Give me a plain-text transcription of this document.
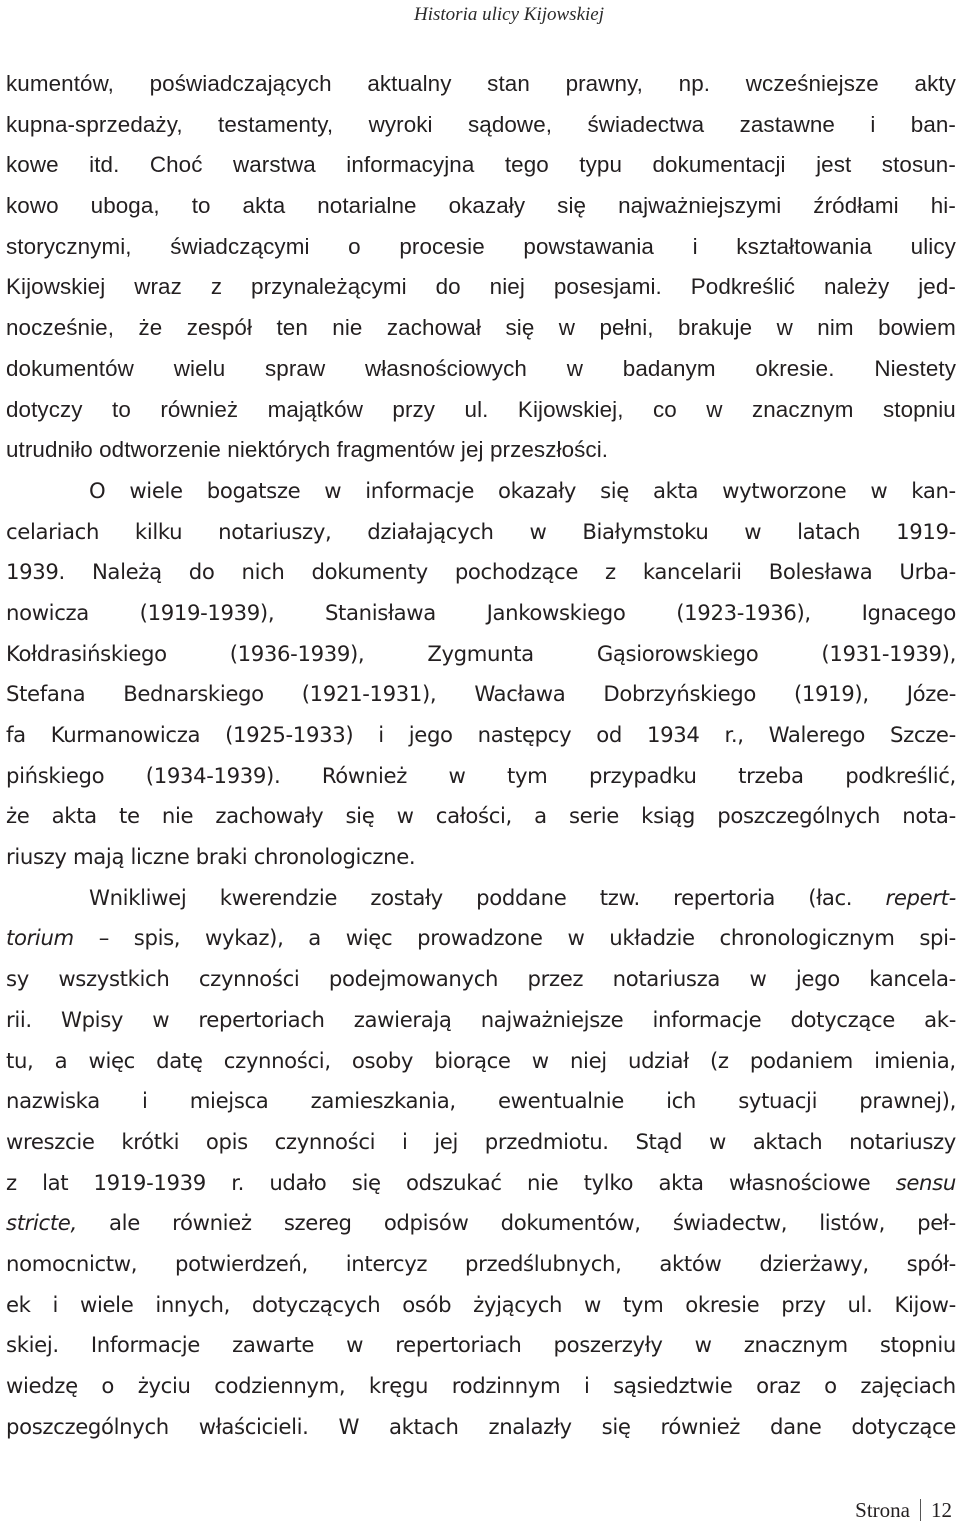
Historia ulicy Kijowskiej
kumentów, poświadczających aktualny stan prawny, np. wcześniejsze akty
kupna-sprzedaży, testamenty, wyroki sądowe, świadectwa zastawne i ban-
kowe itd. Choć warstwa informacyjna tego typu dokumentacji jest stosun-
kowo uboga, to akta notarialne okazały się najważniejszymi źródłami hi-
storycznymi, świadczącymi o procesie powstawania i kształtowania ulicy
Kijowskiej wraz z przynależącymi do niej posesjami. Podkreślić należy jed-
nocześnie, że zespół ten nie zachował się w pełni, brakuje w nim bowiem
dokumentów wielu spraw własnościowych w badanym okresie. Niestety
dotyczy to również majątków przy ul. Kijowskiej, co w znacznym stopniu
utrudniło odtworzenie niektórych fragmentów jej przeszłości.
O wiele bogatsze w informacje okazały się akta wytworzone w kan-
celariach kilku notariuszy, działających w Białymstoku w latach 1919-
1939. Należą do nich dokumenty pochodzące z kancelarii Bolesława Urba-
nowicza (1919-1939), Stanisława Jankowskiego (1923-1936), Ignacego
Kołdrasińskiego	(1936-1939),	Zygmunta	Gąsiorowskiego	(1931-1939),
Stefana Bednarskiego (1921-1931), Wacława Dobrzyńskiego (1919), Józe-
fa Kurmanowicza (1925-1933) i jego następcy od 1934 r., Walerego Szcze-
pińskiego (1934-1939). Również w tym przypadku trzeba podkreślić,
że akta te nie zachowały się w całości, a serie ksiąg poszczególnych nota-
riuszy mają liczne braki chronologiczne.
Wnikliwej kwerendzie zostały poddane tzw. repertoria (łac. repert-
torium – spis, wykaz), a więc prowadzone w układzie chronologicznym spi-
sy wszystkich czynności podejmowanych przez notariusza w jego kancela-
rii. Wpisy w repertoriach zawierają najważniejsze informacje dotyczące ak-
tu, a więc datę czynności, osoby biorące w niej udział (z podaniem imienia,
nazwiska i miejsca zamieszkania, ewentualnie ich sytuacji prawnej),
wreszcie krótki opis czynności i jej przedmiotu. Stąd w aktach notariuszy
z lat 1919-1939 r. udało się odszukać nie tylko akta własnościowe sensu
stricte, ale również szereg odpisów dokumentów, świadectw, listów, peł-
nomocnictw, potwierdzeń, intercyz przedślubnych, aktów dzierżawy, spół-
ek i wiele innych, dotyczących osób żyjących w tym okresie przy ul. Kijow-
skiej. Informacje zawarte w repertoriach poszerzyły w znacznym stopniu
wiedzę o życiu codziennym, kręgu rodzinnym i sąsiedztwie oraz o zajęciach
poszczególnych właścicieli. W aktach znalazły się również dane dotyczące
Strona 12
